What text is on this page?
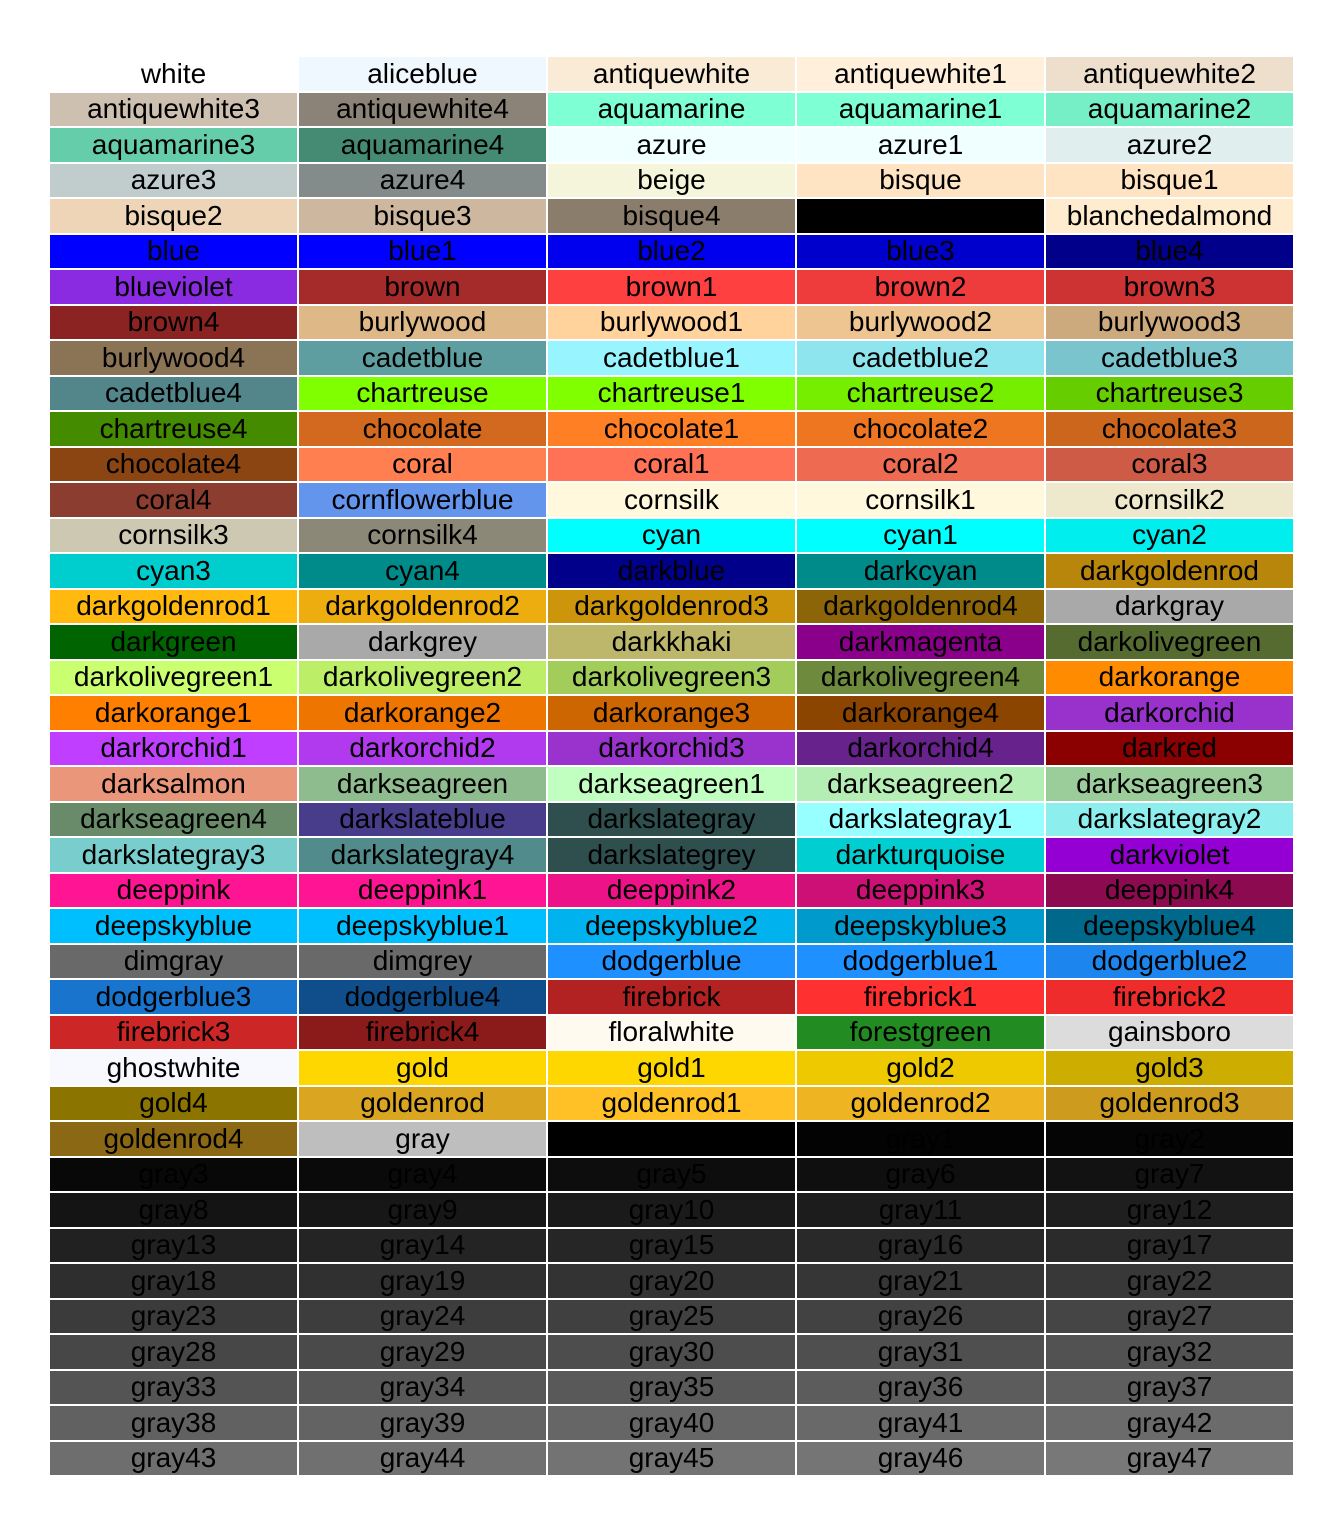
white	aliceblue	antiquewhite	antiquewhite1	antiquewhite2
antiquewhite3	antiquewhite4	aquamarine	aquamarine1	aquamarine2
aquamarine3	aquamarine4	azure	azure1	azure2
azure3	azure4	beige	bisque	bisque1
bisque2	bisque3	bisque4	black	blanchedalmond
blue	blue1	blue2	blue3	blue4
blueviolet	brown	brown1	brown2	brown3
brown4	burlywood	burlywood1	burlywood2	burlywood3
burlywood4	cadetblue	cadetblue1	cadetblue2	cadetblue3
cadetblue4	chartreuse	chartreuse1	chartreuse2	chartreuse3
chartreuse4	chocolate	chocolate1	chocolate2	chocolate3
chocolate4	coral	coral1	coral2	coral3
coral4	cornflowerblue	cornsilk	cornsilk1	cornsilk2
cornsilk3	cornsilk4	cyan	cyan1	cyan2
cyan3	cyan4	darkblue	darkcyan	darkgoldenrod
darkgoldenrod1	darkgoldenrod2	darkgoldenrod3	darkgoldenrod4	darkgray
darkgreen	darkgrey	darkkhaki	darkmagenta	darkolivegreen
darkolivegreen1	darkolivegreen2	darkolivegreen3	darkolivegreen4	darkorange
darkorange1	darkorange2	darkorange3	darkorange4	darkorchid
darkorchid1	darkorchid2	darkorchid3	darkorchid4	darkred
darksalmon	darkseagreen	darkseagreen1	darkseagreen2	darkseagreen3
darkseagreen4	darkslateblue	darkslategray	darkslategray1	darkslategray2
darkslategray3	darkslategray4	darkslategrey	darkturquoise	darkviolet
deeppink	deeppink1	deeppink2	deeppink3	deeppink4
deepskyblue	deepskyblue1	deepskyblue2	deepskyblue3	deepskyblue4
dimgray	dimgrey	dodgerblue	dodgerblue1	dodgerblue2
dodgerblue3	dodgerblue4	firebrick	firebrick1	firebrick2
firebrick3	firebrick4	floralwhite	forestgreen	gainsboro
ghostwhite	gold	gold1	gold2	gold3
gold4	goldenrod	goldenrod1	goldenrod2	goldenrod3
goldenrod4	gray	gray0	gray1	gray2
gray3	gray4	gray5	gray6	gray7
gray8	gray9	gray10	gray11	gray12
gray13	gray14	gray15	gray16	gray17
gray18	gray19	gray20	gray21	gray22
gray23	gray24	gray25	gray26	gray27
gray28	gray29	gray30	gray31	gray32
gray33	gray34	gray35	gray36	gray37
gray38	gray39	gray40	gray41	gray42
gray43	gray44	gray45	gray46	gray47
